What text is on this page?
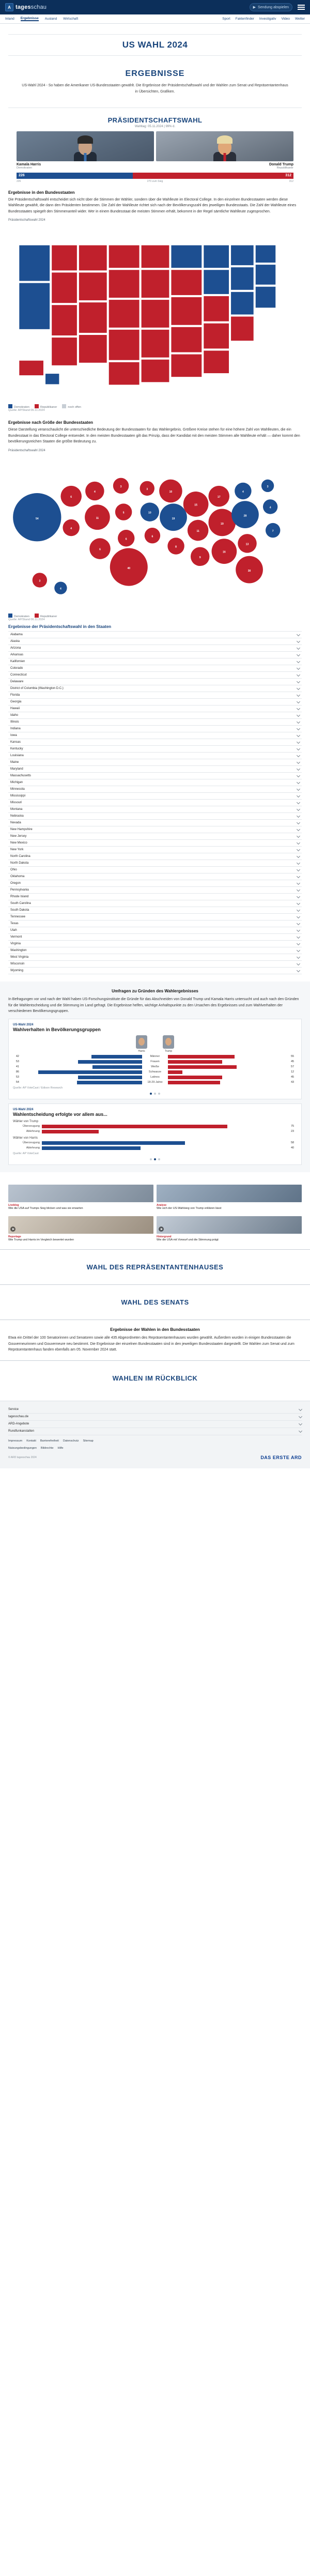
A tagesschau	▶ Sendung abspielen
Inland Ergebnisse Ausland Wirtschaft	Sport Faktenfinder Investigativ Video Wetter
US WAHL 2024
ERGEBNISSE

US-Wahl 2024 - So haben die Amerikaner US-Bundesstaaten gewählt. Die Ergebnisse der Präsidentschaftswahl und der Wahlen zum Senat und Repräsentantenhaus in Übersichten, Grafiken.

PRÄSIDENTSCHAFTSWAHL
Wahltag: 05.11.2024 | 99% d.
Kamala Harris
Demokraten
Donald Trump
Republikaner
226	312
226	270 zum Sieg	312
Ergebnisse in den Bundesstaaten

Die Präsidentschaftswahl entscheidet sich nicht über die Stimmen der Wähler, sondern über die Wahlleute im Electoral College. In den einzelnen Bundesstaaten werden diese Wahlleute gewählt, die dann den Präsidenten bestimmen. Die Zahl der Wahlleute richtet sich nach der Bevölkerungszahl des jeweiligen Bundesstaats. Die Zahl der Wahlleute eines Bundesstaates spiegelt den Stimmenanteil wider. Wer in einem Bundesstaat die meisten Stimmen erhält, bekommt in der Regel sämtliche Wahlleute zugesprochen.

Präsidentschaftswahl 2024
Demokraten	Republikaner	noch offen
Quelle: AP/Stand 06.11.2024
Ergebnisse nach Größe der Bundesstaaten

Diese Darstellung veranschaulicht die unterschiedliche Bedeutung der Bundesstaaten für das Wahlergebnis. Größere Kreise stehen für eine höhere Zahl von Wahlleuten, die ein Bundesstaat in das Electoral College entsendet. In den meisten Bundesstaaten gilt das Prinzip, dass der Kandidat mit den meisten Stimmen alle Wahlleute erhält — daher kommt den bevölkerungsreichen Staaten die größte Bedeutung zu.

Präsidentschaftswahl 2024
54
6
4
4
11
6
3
5
6
40
3
10
6
10
19
8
15
11
9
17
19
16
4
28
13
30
3
4
7
3
4
Demokraten	Republikaner
Quelle: AP/Stand 06.11.2024
Ergebnisse der Präsidentschaftswahl in den Staaten
Alabama
Alaska
Arizona
Arkansas
Kalifornien
Colorado
Connecticut
Delaware
District of Columbia (Washington D.C.)
Florida
Georgia
Hawaii
Idaho
Illinois
Indiana
Iowa
Kansas
Kentucky
Louisiana
Maine
Maryland
Massachusetts
Michigan
Minnesota
Mississippi
Missouri
Montana
Nebraska
Nevada
New Hampshire
New Jersey
New Mexico
New York
North Carolina
North Dakota
Ohio
Oklahoma
Oregon
Pennsylvania
Rhode Island
South Carolina
South Dakota
Tennessee
Texas
Utah
Vermont
Virginia
Washington
West Virginia
Wisconsin
Wyoming
Umfragen zu Gründen des Wahlergebnisses

In Befragungen vor und nach der Wahl haben US-Forschungsinstitute die Gründe für das Abschneiden von Donald Trump und Kamala Harris untersucht und auch nach den Gründen für die Wahlentscheidung und die Stimmung im Land gefragt. Die Ergebnisse helfen, wichtige Anhaltspunkte zu den Ursachen des Ergebnisses und zum Wahlverhalten der verschiedenen Bevölkerungsgruppen.

US-Wahl 2024
Wahlverhalten in Bevölkerungsgruppen
Harris	Trump
42	Männer	55
53	Frauen	45
41	Weiße	57
86	Schwarze	12
53	Latinos	45
54	18-29 Jahre	43
Quelle: AP VoteCast / Edison Research
US-Wahl 2024
Wahlentscheidung erfolgte vor allem aus...
Wähler von Trump
Überzeugung	75
Ablehnung	23
Wähler von Harris
Überzeugung	58
Ablehnung	40
Quelle: AP VoteCast
Liveblog
Wie die USA auf Trumps Sieg blicken und was sie erwarten
Analyse
Wie sich der US-Wahlsieg von Trump erklären lässt
Reportage
Wie Trump und Harris im Vergleich bewertet wurden
Hintergrund
Wie die USA mit Vorwurf und die Stimmung prägt
WAHL DES REPRÄSENTANTENHAUSES
WAHL DES SENATS
Ergebnisse der Wahlen in den Bundesstaaten

Etwa ein Drittel der 100 Senatorinnen und Senatoren sowie alle 435 Abgeordneten des Repräsentantenhauses wurden gewählt. Außerdem wurden in einigen Bundesstaaten die Gouverneurinnen und Gouverneure neu bestimmt. Die Ergebnisse der einzelnen Bundesstaaten sind in den jeweiligen Bundesstaaten dargestellt. Die Wahlen zum Senat und zum Repräsentantenhaus fanden ebenfalls am 05. November 2024 statt.

WAHLEN IM RÜCKBLICK
Service
tagesschau.de
ARD-Angebote
Rundfunkanstalten
Impressum Kontakt Barrierefreiheit Datenschutz Sitemap
Nutzungsbedingungen Bildrechte Hilfe
© ARD tagesschau 2024	DAS ERSTE ARD
